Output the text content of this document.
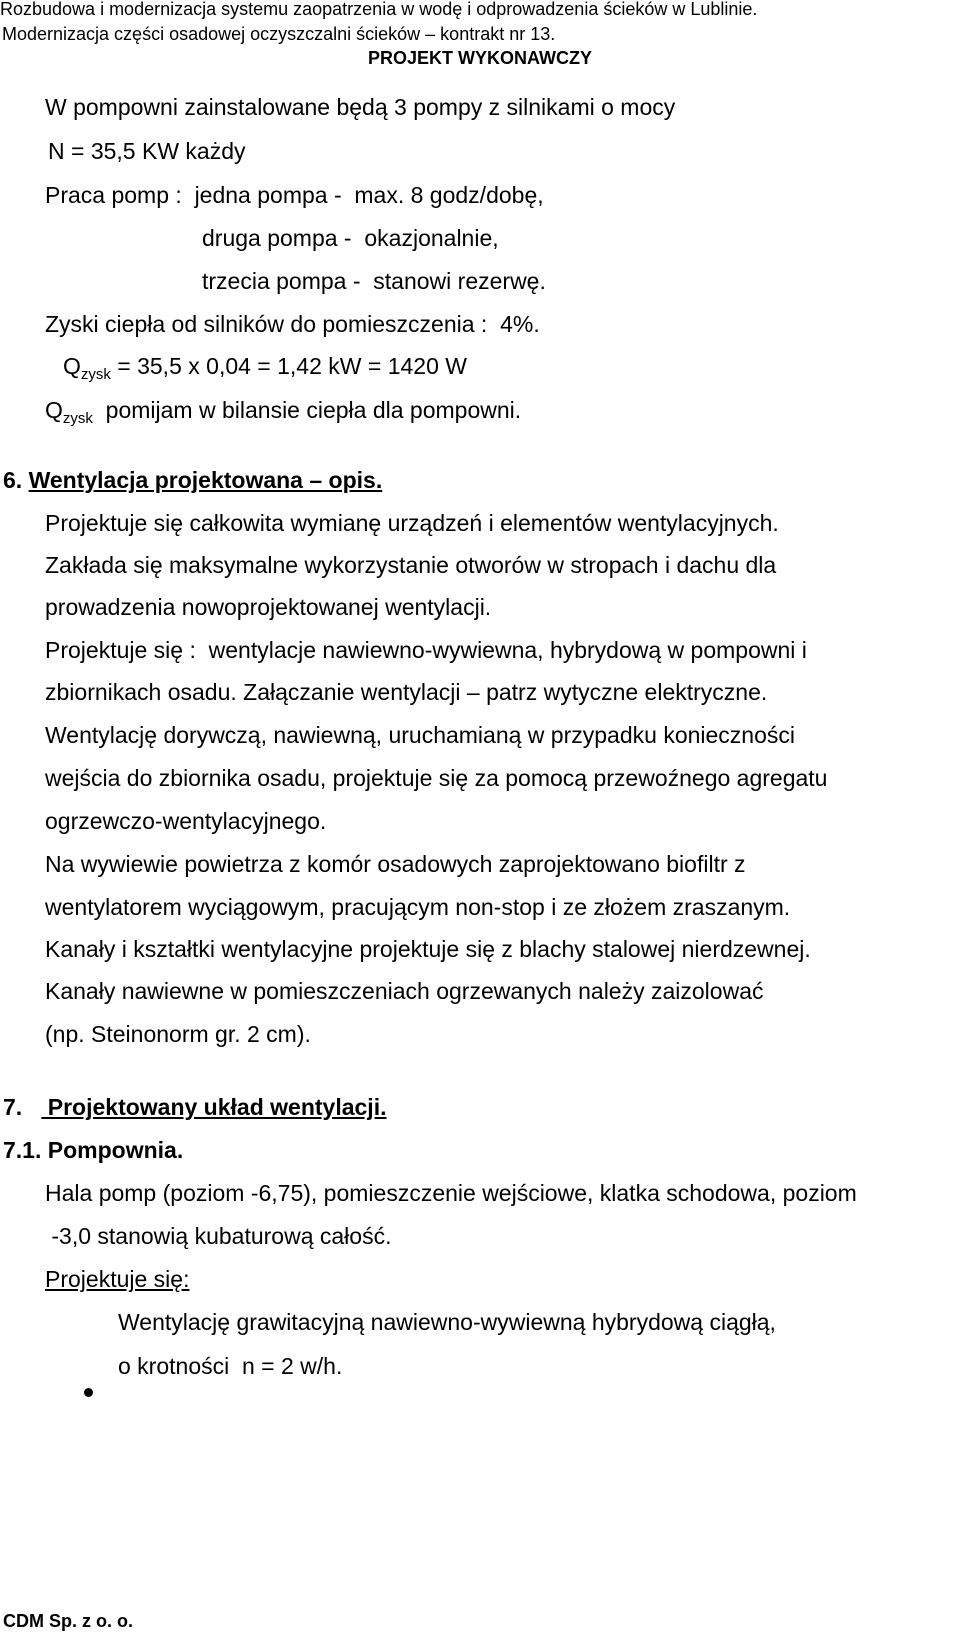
Rozbudowa i modernizacja systemu zaopatrzenia w wodę i odprowadzenia ścieków w Lublinie.
Modernizacja części osadowej oczyszczalni ścieków – kontrakt nr 13.
PROJEKT WYKONAWCZY
W pompowni zainstalowane będą 3 pompy z silnikami o mocy
N = 35,5 KW każdy
Praca pomp :  jedna pompa -  max. 8 godz/dobę,
druga pompa -  okazjonalnie,
trzecia pompa -  stanowi rezerwę.
Zyski ciepła od silników do pomieszczenia :  4%.
$Q_{zysk} = 35,5$ x 0,04 = 1,42 kW = 1420 W
$Q_{zysk}$  pomijam w bilansie ciepła dla pompowni.
6. Wentylacja projektowana – opis.
Projektuje się całkowita wymianę urządzeń i elementów wentylacyjnych.
Zakłada się maksymalne wykorzystanie otworów w stropach i dachu dla
prowadzenia nowoprojektowanej wentylacji.
Projektuje się :  wentylacje nawiewno-wywiewna, hybrydową w pompowni i
zbiornikach osadu. Załączanie wentylacji – patrz wytyczne elektryczne.
Wentylację dorywczą, nawiewną, uruchamianą w przypadku konieczności
wejścia do zbiornika osadu, projektuje się za pomocą przewoźnego agregatu
ogrzewczo-wentylacyjnego.
Na wywiewie powietrza z komór osadowych zaprojektowano biofiltr z
wentylatorem wyciągowym, pracującym non-stop i ze złożem zraszanym.
Kanały i kształtki wentylacyjne projektuje się z blachy stalowej nierdzewnej.
Kanały nawiewne w pomieszczeniach ogrzewanych należy zaizolować
(np. Steinonorm gr. 2 cm).
7.    Projektowany układ wentylacji.
7.1. Pompownia.
Hala pomp (poziom -6,75), pomieszczenie wejściowe, klatka schodowa, poziom
-3,0 stanowią kubaturową całość.
Projektuje się:
Wentylację grawitacyjną nawiewno-wywiewną hybrydową ciągłą,
o krotności  n = 2 w/h.
CDM Sp. z o. o.
